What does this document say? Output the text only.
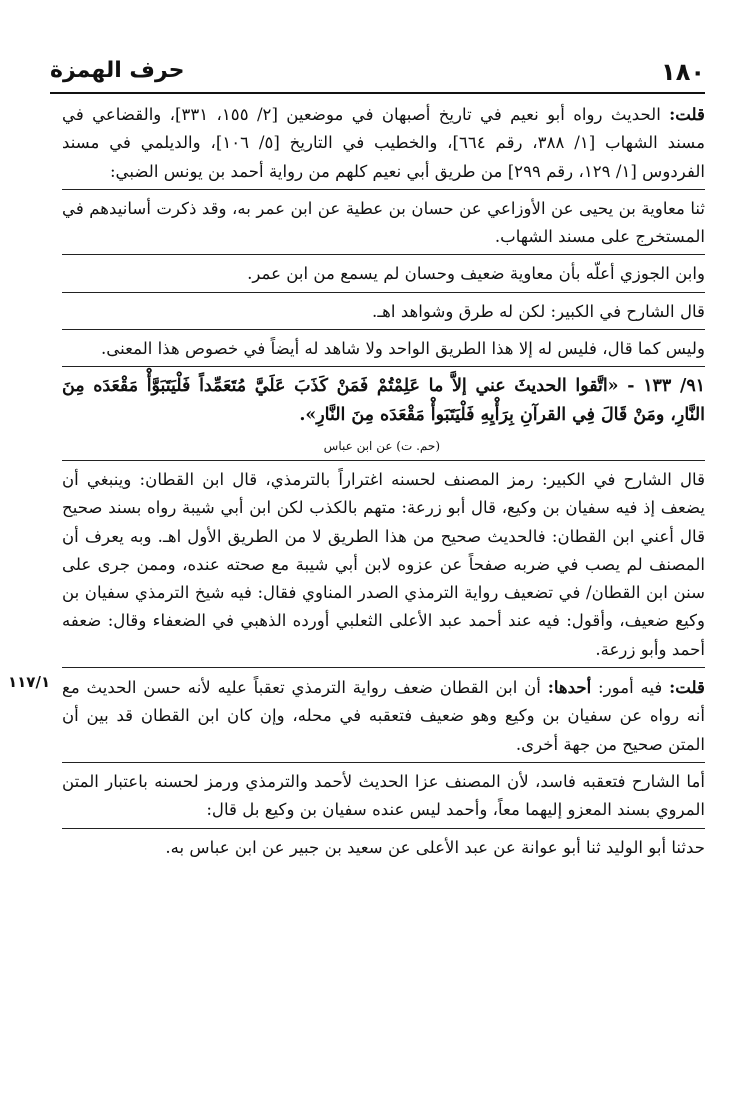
١٨٠
حرف الهمزة
١١٧/١

قلت: الحديث رواه أبو نعيم في تاريخ أصبهان في موضعين [٢/ ١٥٥، ٣٣١]، والقضاعي في مسند الشهاب [١/ ٣٨٨، رقم ٦٦٤]، والخطيب في التاريخ [٥/ ١٠٦]، والديلمي في مسند الفردوس [١/ ١٢٩، رقم ٢٩٩] من طريق أبي نعيم كلهم من رواية أحمد بن يونس الضبي:

ثنا معاوية بن يحيى عن الأوزاعي عن حسان بن عطية عن ابن عمر به، وقد ذكرت أسانيدهم في المستخرج على مسند الشهاب.

وابن الجوزي أعلّه بأن معاوية ضعيف وحسان لم يسمع من ابن عمر.

قال الشارح في الكبير: لكن له طرق وشواهد اهـ.

وليس كما قال، فليس له إلا هذا الطريق الواحد ولا شاهد له أيضاً في خصوص هذا المعنى.

٩١/ ١٣٣ - «اتَّقوا الحديثَ عني إلاَّ ما عَلِمْتُمْ فَمَنْ كَذَبَ عَلَيَّ مُتَعَمِّداً فَلْيَتَبَوَّأْ مَقْعَدَه مِنَ النَّارِ، ومَنْ قَالَ فِي القرآنِ بِرَأْيِهِ فَلْيَتَبَوأْ مَقْعَدَه مِنَ النَّارِ».

(حم. ت) عن ابن عباس

قال الشارح في الكبير: رمز المصنف لحسنه اغتراراً بالترمذي، قال ابن القطان: وينبغي أن يضعف إذ فيه سفيان بن وكيع، قال أبو زرعة: متهم بالكذب لكن ابن أبي شيبة رواه بسند صحيح قال أعني ابن القطان: فالحديث صحيح من هذا الطريق لا من الطريق الأول اهـ. وبه يعرف أن المصنف لم يصب في ضربه صفحاً عن عزوه لابن أبي شيبة مع صحته عنده، وممن جرى على سنن ابن القطان/ في تضعيف رواية الترمذي الصدر المناوي فقال: فيه شيخ الترمذي سفيان بن وكيع ضعيف، وأقول: فيه عند أحمد عبد الأعلى الثعلبي أورده الذهبي في الضعفاء وقال: ضعفه أحمد وأبو زرعة.

قلت: فيه أمور: أحدها: أن ابن القطان ضعف رواية الترمذي تعقباً عليه لأنه حسن الحديث مع أنه رواه عن سفيان بن وكيع وهو ضعيف فتعقبه في محله، وإن كان ابن القطان قد بين أن المتن صحيح من جهة أخرى.

أما الشارح فتعقبه فاسد، لأن المصنف عزا الحديث لأحمد والترمذي ورمز لحسنه باعتبار المتن المروي بسند المعزو إليهما معاً، وأحمد ليس عنده سفيان بن وكيع بل قال:

حدثنا أبو الوليد ثنا أبو عوانة عن عبد الأعلى عن سعيد بن جبير عن ابن عباس به.
